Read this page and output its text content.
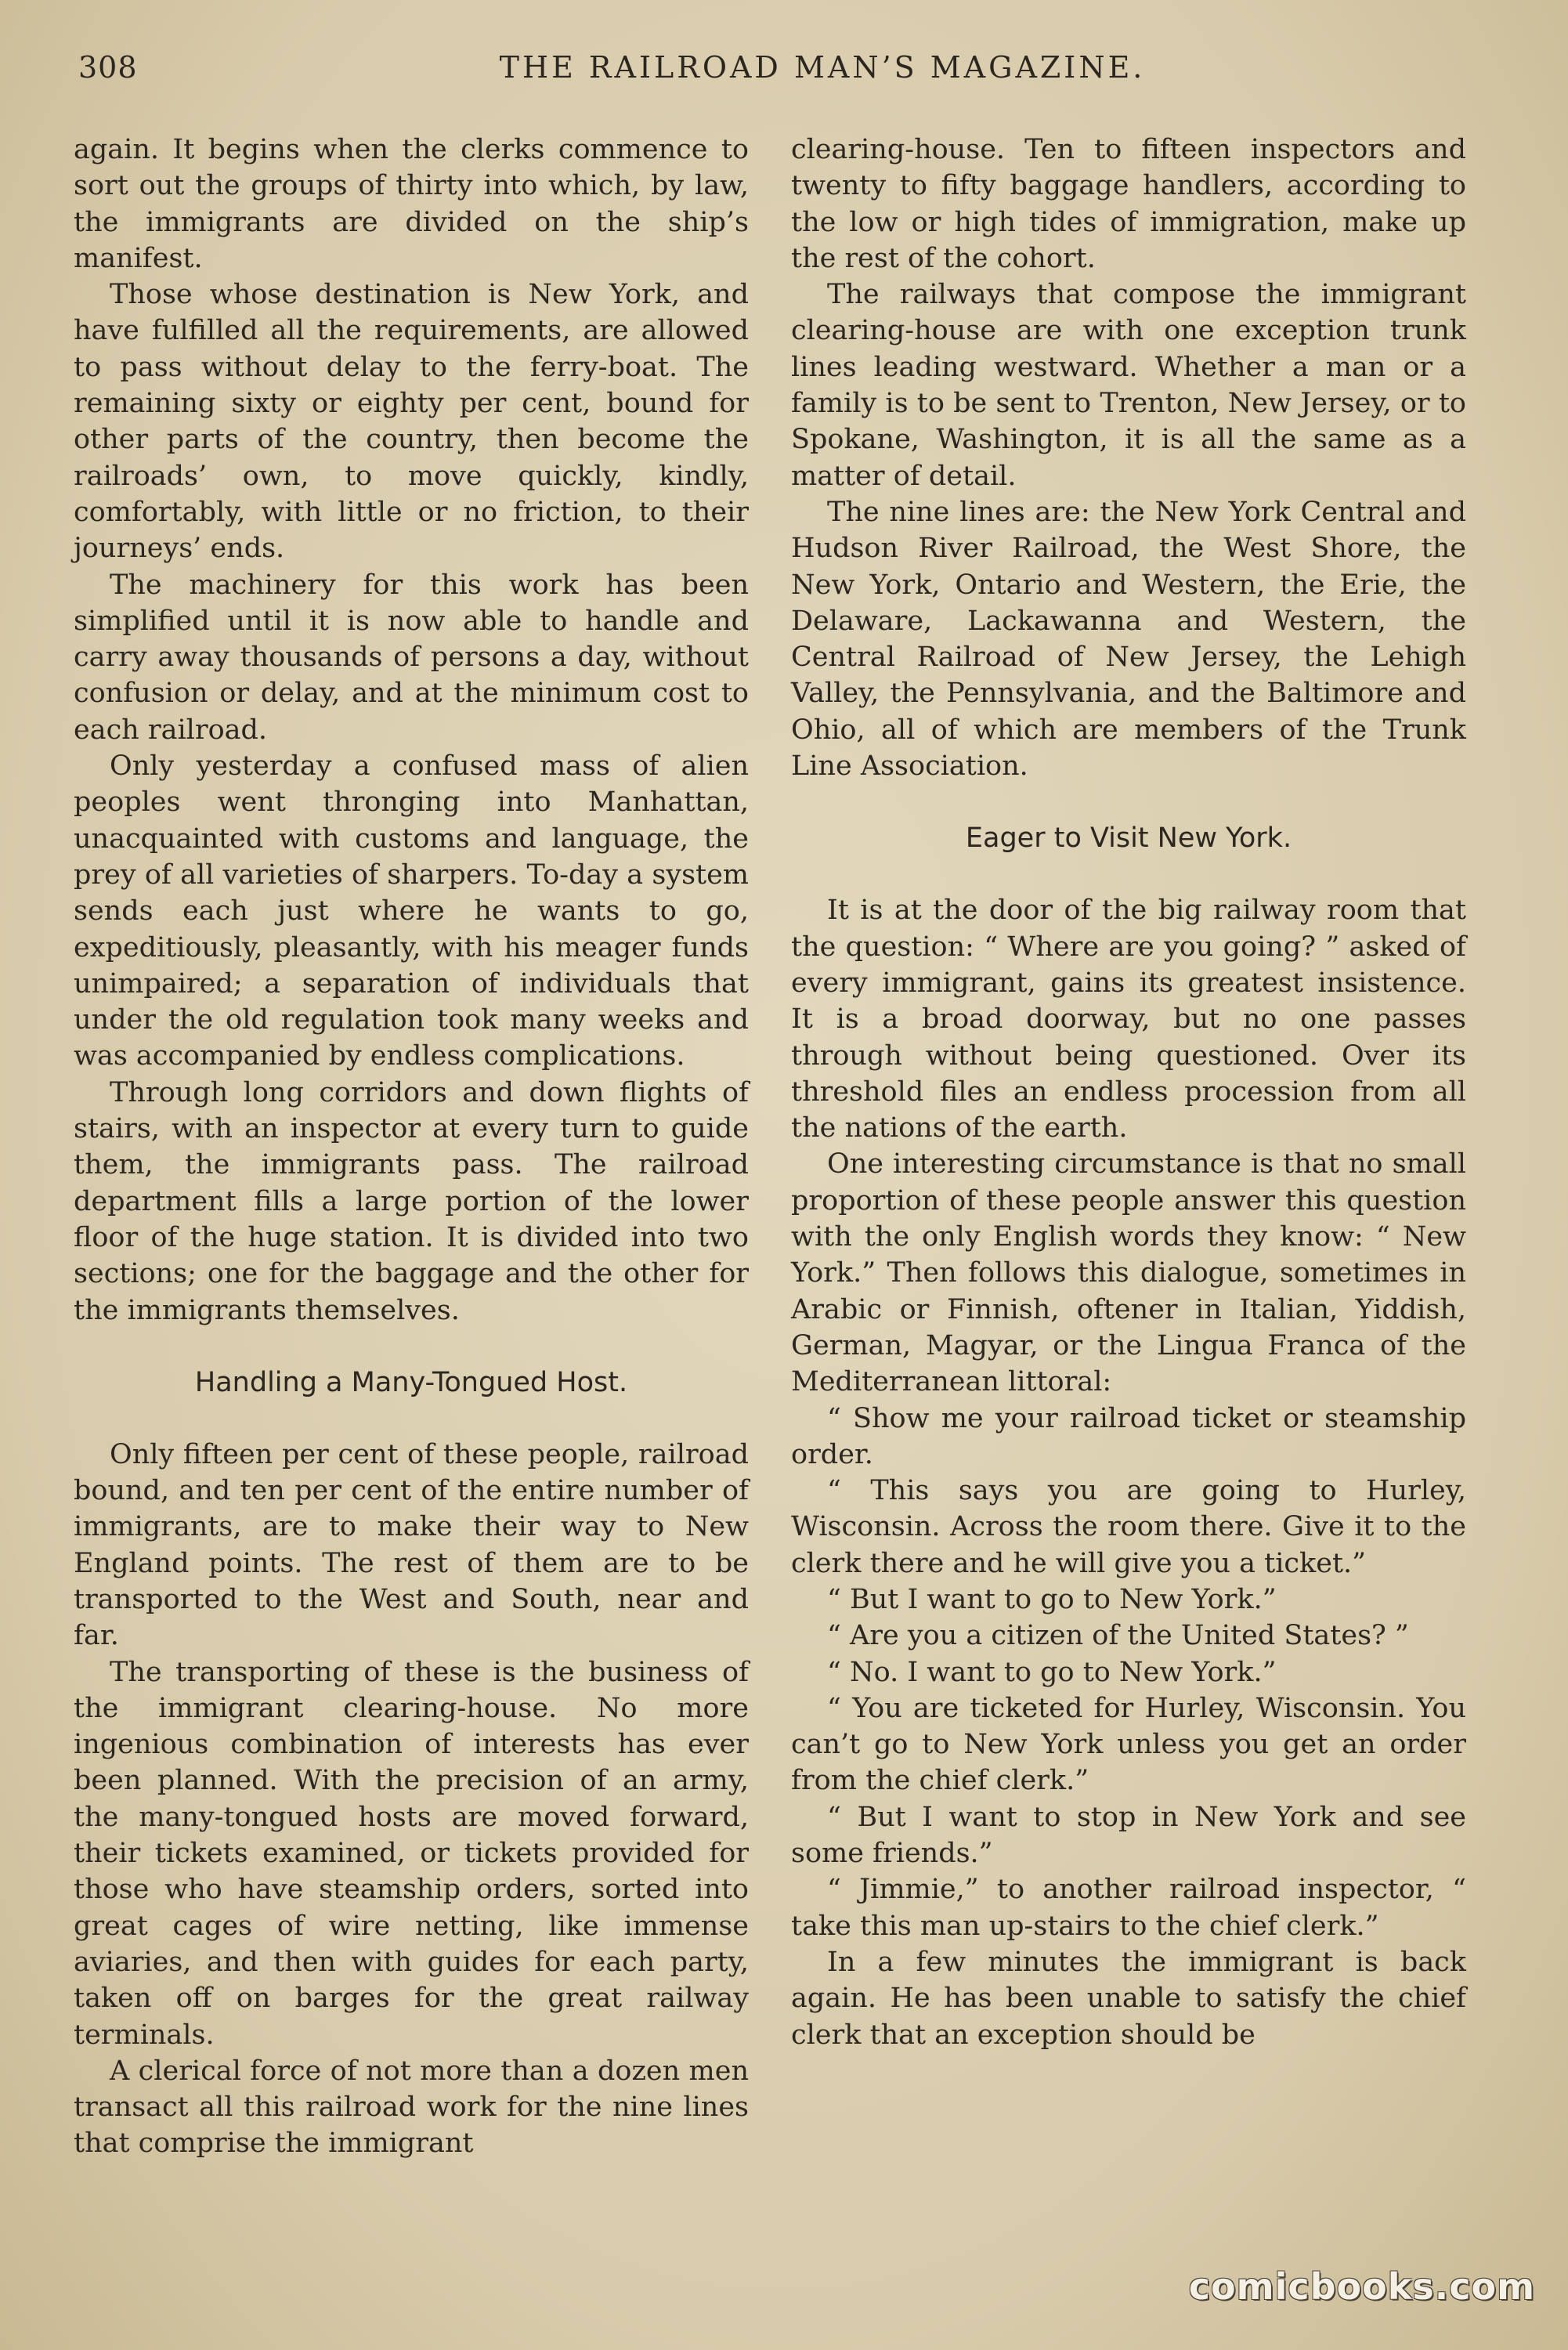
308	THE RAILROAD MAN’S MAGAZINE.

again. It begins when the clerks commence to sort out the groups of thirty into which, by law, the immigrants are divided on the ship’s manifest.

Those whose destination is New York, and have fulfilled all the requirements, are allowed to pass without delay to the ferry-boat. The remaining sixty or eighty per cent, bound for other parts of the country, then become the railroads’ own, to move quickly, kindly, comfortably, with little or no friction, to their journeys’ ends.

The machinery for this work has been simplified until it is now able to handle and carry away thousands of persons a day, without confusion or delay, and at the minimum cost to each railroad.

Only yesterday a confused mass of alien peoples went thronging into Manhattan, unacquainted with customs and language, the prey of all varieties of sharpers. To-day a system sends each just where he wants to go, expeditiously, pleasantly, with his meager funds unimpaired; a separation of individuals that under the old regulation took many weeks and was accompanied by endless complications.

Through long corridors and down flights of stairs, with an inspector at every turn to guide them, the immigrants pass. The railroad department fills a large portion of the lower floor of the huge station. It is divided into two sections; one for the baggage and the other for the immigrants themselves.

Handling a Many-Tongued Host.

Only fifteen per cent of these people, railroad bound, and ten per cent of the entire number of immigrants, are to make their way to New England points. The rest of them are to be transported to the West and South, near and far.

The transporting of these is the business of the immigrant clearing-house. No more ingenious combination of interests has ever been planned. With the precision of an army, the many-tongued hosts are moved forward, their tickets examined, or tickets provided for those who have steamship orders, sorted into great cages of wire netting, like immense aviaries, and then with guides for each party, taken off on barges for the great railway terminals.

A clerical force of not more than a dozen men transact all this railroad work for the nine lines that comprise the immigrant

clearing-house. Ten to fifteen inspectors and twenty to fifty baggage handlers, according to the low or high tides of immigration, make up the rest of the cohort.

The railways that compose the immigrant clearing-house are with one exception trunk lines leading westward. Whether a man or a family is to be sent to Trenton, New Jersey, or to Spokane, Washington, it is all the same as a matter of detail.

The nine lines are: the New York Central and Hudson River Railroad, the West Shore, the New York, Ontario and Western, the Erie, the Delaware, Lackawanna and Western, the Central Railroad of New Jersey, the Lehigh Valley, the Pennsylvania, and the Baltimore and Ohio, all of which are members of the Trunk Line Association.

Eager to Visit New York.

It is at the door of the big railway room that the question: “ Where are you going? ” asked of every immigrant, gains its greatest insistence. It is a broad doorway, but no one passes through without being questioned. Over its threshold files an endless procession from all the nations of the earth.

One interesting circumstance is that no small proportion of these people answer this question with the only English words they know: “ New York.” Then follows this dialogue, sometimes in Arabic or Finnish, oftener in Italian, Yiddish, German, Magyar, or the Lingua Franca of the Mediterranean littoral:

“ Show me your railroad ticket or steamship order.

“ This says you are going to Hurley, Wisconsin. Across the room there. Give it to the clerk there and he will give you a ticket.”

“ But I want to go to New York.”

“ Are you a citizen of the United States? ”

“ No. I want to go to New York.”

“ You are ticketed for Hurley, Wisconsin. You can’t go to New York unless you get an order from the chief clerk.”

“ But I want to stop in New York and see some friends.”

“ Jimmie,” to another railroad inspector, “ take this man up-stairs to the chief clerk.”

In a few minutes the immigrant is back again. He has been unable to satisfy the chief clerk that an exception should be

comicbooks.com
